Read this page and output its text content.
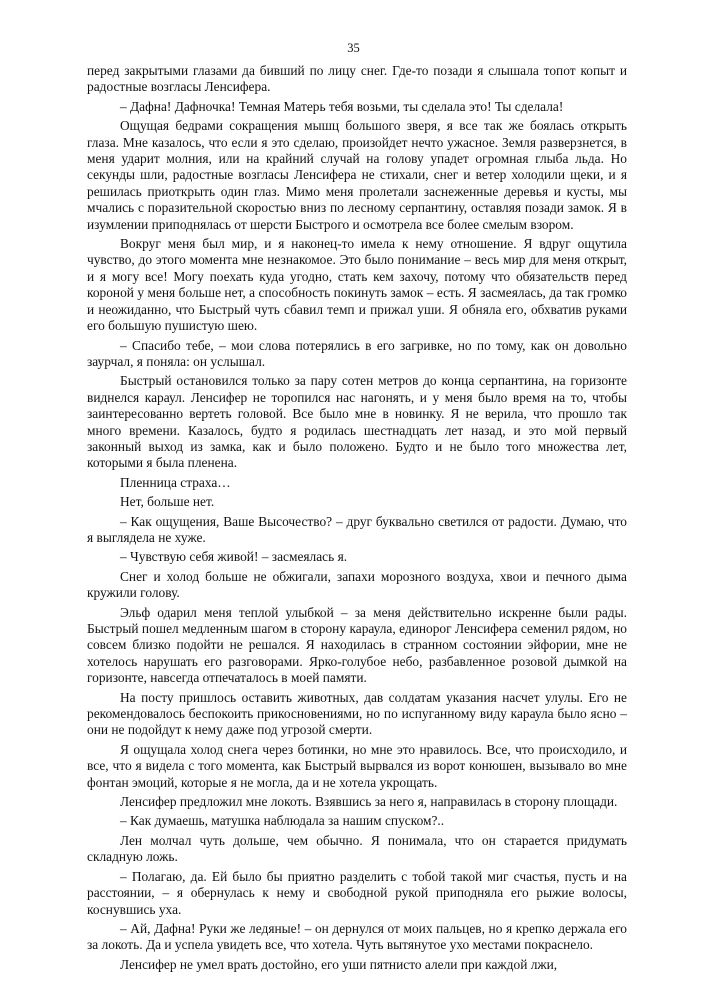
35

перед закрытыми глазами да бивший по лицу снег. Где-то позади я слышала топот копыт и радостные возгласы Ленсифера.

– Дафна! Дафночка! Темная Матерь тебя возьми, ты сделала это! Ты сделала!

Ощущая бедрами сокращения мышц большого зверя, я все так же боялась открыть глаза. Мне казалось, что если я это сделаю, произойдет нечто ужасное. Земля разверзнется, в меня ударит молния, или на крайний случай на голову упадет огромная глыба льда. Но секунды шли, радостные возгласы Ленсифера не стихали, снег и ветер холодили щеки, и я решилась приоткрыть один глаз. Мимо меня пролетали заснеженные деревья и кусты, мы мчались с поразительной скоростью вниз по лесному серпантину, оставляя позади замок. Я в изумлении приподнялась от шерсти Быстрого и осмотрела все более смелым взором.

Вокруг меня был мир, и я наконец-то имела к нему отношение. Я вдруг ощутила чувство, до этого момента мне незнакомое. Это было понимание – весь мир для меня открыт, и я могу все! Могу поехать куда угодно, стать кем захочу, потому что обязательств перед короной у меня больше нет, а способность покинуть замок – есть. Я засмеялась, да так громко и неожиданно, что Быстрый чуть сбавил темп и прижал уши. Я обняла его, обхватив руками его большую пушистую шею.

– Спасибо тебе, – мои слова потерялись в его загривке, но по тому, как он довольно заурчал, я поняла: он услышал.

Быстрый остановился только за пару сотен метров до конца серпантина, на горизонте виднелся караул. Ленсифер не торопился нас нагонять, и у меня было время на то, чтобы заинтересованно вертеть головой. Все было мне в новинку. Я не верила, что прошло так много времени. Казалось, будто я родилась шестнадцать лет назад, и это мой первый законный выход из замка, как и было положено. Будто и не было того множества лет, которыми я была пленена.

Пленница страха…

Нет, больше нет.

– Как ощущения, Ваше Высочество? – друг буквально светился от радости. Думаю, что я выглядела не хуже.

– Чувствую себя живой! – засмеялась я.

Снег и холод больше не обжигали, запахи морозного воздуха, хвои и печного дыма кружили голову.

Эльф одарил меня теплой улыбкой – за меня действительно искренне были рады. Быстрый пошел медленным шагом в сторону караула, единорог Ленсифера семенил рядом, но совсем близко подойти не решался. Я находилась в странном состоянии эйфории, мне не хотелось нарушать его разговорами. Ярко-голубое небо, разбавленное розовой дымкой на горизонте, навсегда отпечаталось в моей памяти.

На посту пришлось оставить животных, дав солдатам указания насчет улулы. Его не рекомендовалось беспокоить прикосновениями, но по испуганному виду караула было ясно – они не подойдут к нему даже под угрозой смерти.

Я ощущала холод снега через ботинки, но мне это нравилось. Все, что происходило, и все, что я видела с того момента, как Быстрый вырвался из ворот конюшен, вызывало во мне фонтан эмоций, которые я не могла, да и не хотела укрощать.

Ленсифер предложил мне локоть. Взявшись за него я, направилась в сторону площади.

– Как думаешь, матушка наблюдала за нашим спуском?..

Лен молчал чуть дольше, чем обычно. Я понимала, что он старается придумать складную ложь.

– Полагаю, да. Ей было бы приятно разделить с тобой такой миг счастья, пусть и на расстоянии, – я обернулась к нему и свободной рукой приподняла его рыжие волосы, коснувшись уха.

– Ай, Дафна! Руки же ледяные! – он дернулся от моих пальцев, но я крепко держала его за локоть. Да и успела увидеть все, что хотела. Чуть вытянутое ухо местами покраснело.

Ленсифер не умел врать достойно, его уши пятнисто алели при каждой лжи,
